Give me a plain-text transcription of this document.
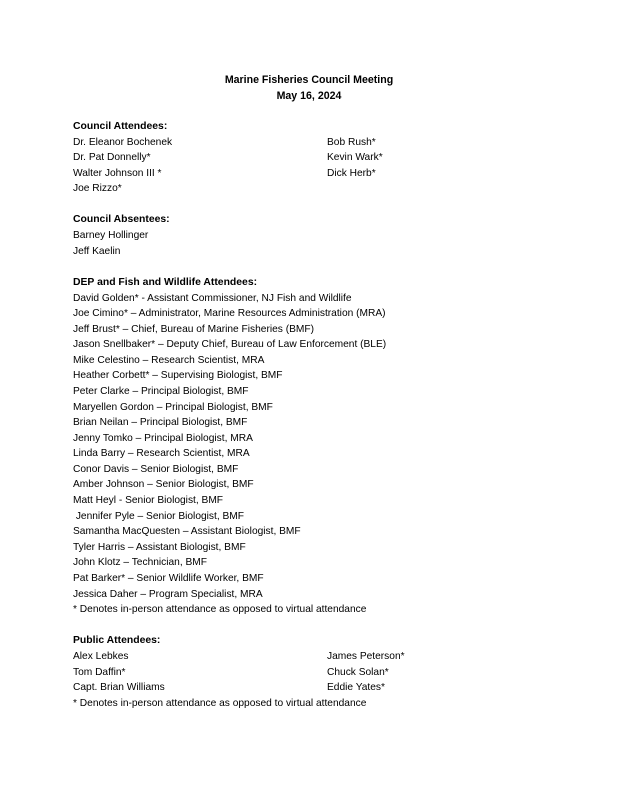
Marine Fisheries Council Meeting
May 16, 2024
Council Attendees:
Dr. Eleanor Bochenek
Dr. Pat Donnelly*
Walter Johnson III *
Joe Rizzo*
Bob Rush*
Kevin Wark*
Dick Herb*
Council Absentees:
Barney Hollinger
Jeff Kaelin
DEP and Fish and Wildlife Attendees:
David Golden* - Assistant Commissioner, NJ Fish and Wildlife
Joe Cimino* – Administrator, Marine Resources Administration (MRA)
Jeff Brust* – Chief, Bureau of Marine Fisheries (BMF)
Jason Snellbaker* – Deputy Chief, Bureau of Law Enforcement (BLE)
Mike Celestino – Research Scientist, MRA
Heather Corbett* – Supervising Biologist, BMF
Peter Clarke – Principal Biologist, BMF
Maryellen Gordon – Principal Biologist, BMF
Brian Neilan – Principal Biologist, BMF
Jenny Tomko – Principal Biologist, MRA
Linda Barry – Research Scientist, MRA
Conor Davis – Senior Biologist, BMF
Amber Johnson – Senior Biologist, BMF
Matt Heyl - Senior Biologist, BMF
Jennifer Pyle – Senior Biologist, BMF
Samantha MacQuesten – Assistant Biologist, BMF
Tyler Harris – Assistant Biologist, BMF
John Klotz – Technician, BMF
Pat Barker* – Senior Wildlife Worker, BMF
Jessica Daher – Program Specialist, MRA
* Denotes in-person attendance as opposed to virtual attendance
Public Attendees:
Alex Lebkes
Tom Daffin*
Capt. Brian Williams
James Peterson*
Chuck Solan*
Eddie Yates*
* Denotes in-person attendance as opposed to virtual attendance
